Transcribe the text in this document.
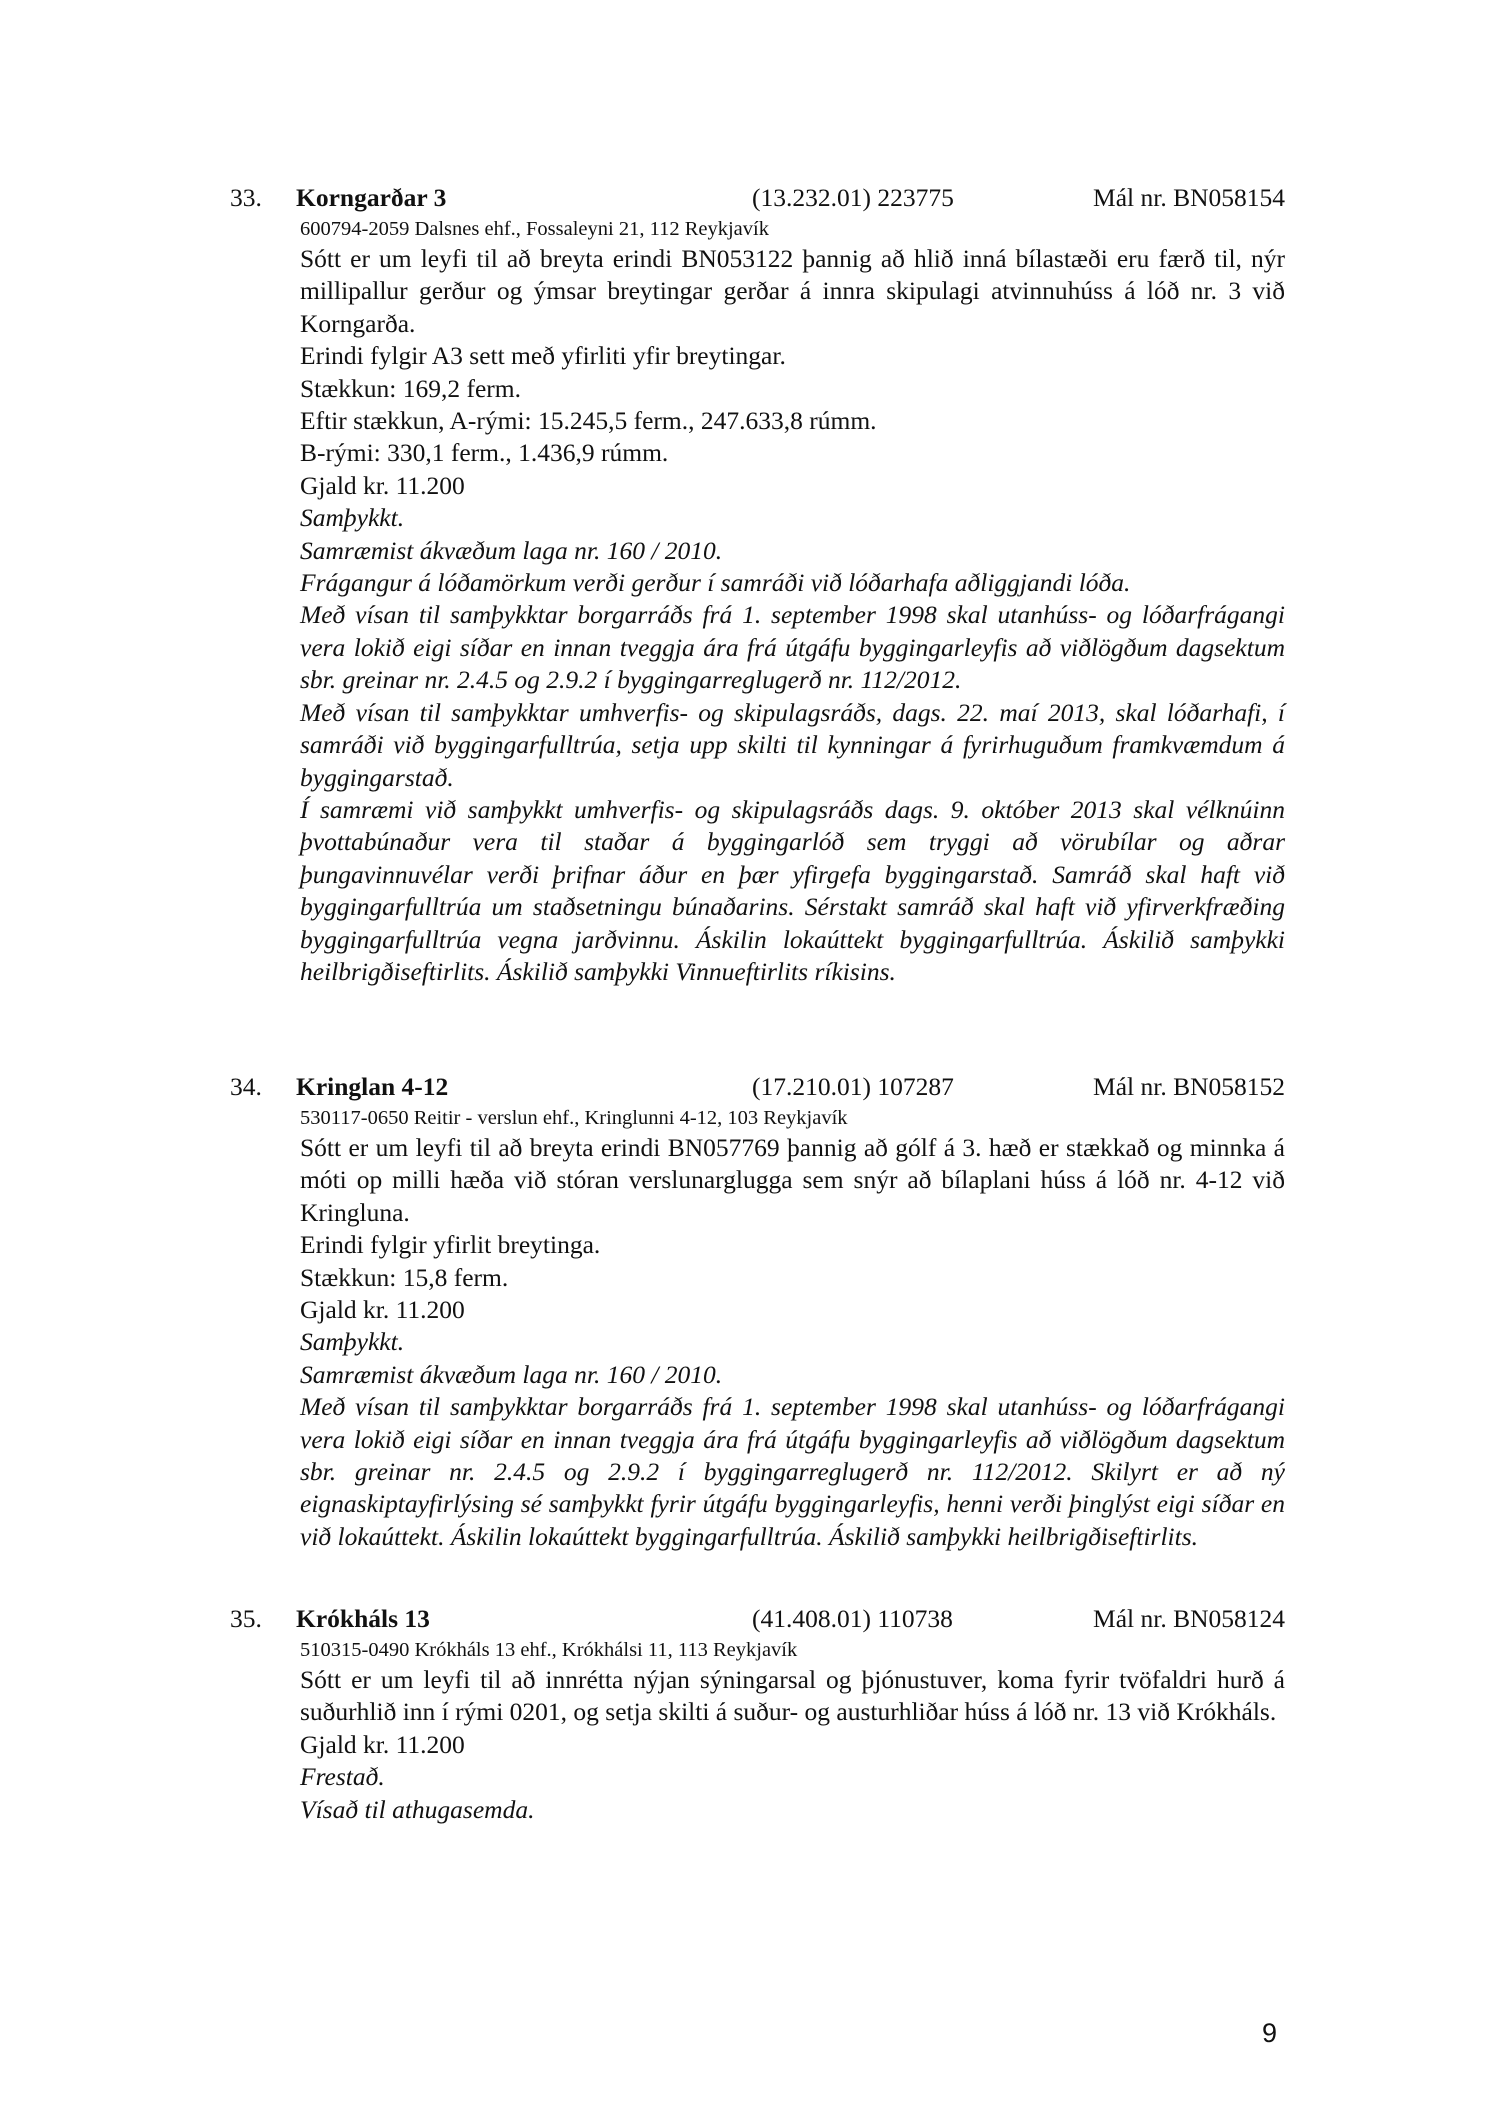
33. Korngarðar 3	(13.232.01) 223775	Mál nr. BN058154
600794-2059 Dalsnes ehf., Fossaleyni 21, 112 Reykjavík
Sótt er um leyfi til að breyta erindi BN053122 þannig að hlið inná bílastæði eru færð til, nýr millipallur gerður og ýmsar breytingar gerðar á innra skipulagi atvinnuhúss á lóð nr. 3 við Korngarða.
Erindi fylgir A3 sett með yfirliti yfir breytingar.
Stækkun: 169,2 ferm.
Eftir stækkun, A-rými: 15.245,5 ferm., 247.633,8 rúmm.
B-rými: 330,1 ferm., 1.436,9 rúmm.
Gjald kr. 11.200
Samþykkt.
Samræmist ákvæðum laga nr. 160 / 2010.
Frágangur á lóðamörkum verði gerður í samráði við lóðarhafa aðliggjandi lóða.
Með vísan til samþykktar borgarráðs frá 1. september 1998 skal utanhúss- og lóðarfrágangi vera lokið eigi síðar en innan tveggja ára frá útgáfu byggingarleyfis að viðlögðum dagsektum sbr. greinar nr. 2.4.5 og 2.9.2 í byggingarreglugerð nr. 112/2012.
Með vísan til samþykktar umhverfis- og skipulagsráðs, dags. 22. maí 2013, skal lóðarhafi, í samráði við byggingarfulltrúa, setja upp skilti til kynningar á fyrirhuguðum framkvæmdum á byggingarstað.
Í samræmi við samþykkt umhverfis- og skipulagsráðs dags. 9. október 2013 skal vélknúinn þvottabúnaður vera til staðar á byggingarlóð sem tryggi að vörubílar og aðrar þungavinnuvélar verði þrifnar áður en þær yfirgefa byggingarstað. Samráð skal haft við byggingarfulltrúa um staðsetningu búnaðarins. Sérstakt samráð skal haft við yfirverkfræðing byggingarfulltrúa vegna jarðvinnu. Áskilin lokaúttekt byggingarfulltrúa. Áskilið samþykki heilbrigðiseftirlits. Áskilið samþykki Vinnueftirlits ríkisins.
34. Kringlan 4-12	(17.210.01) 107287	Mál nr. BN058152
530117-0650 Reitir - verslun ehf., Kringlunni 4-12, 103 Reykjavík
Sótt er um leyfi til að breyta erindi BN057769 þannig að gólf á 3. hæð er stækkað og minnka á móti op milli hæða við stóran verslunarglugga sem snýr að bílaplani húss á lóð nr. 4-12 við Kringluna.
Erindi fylgir yfirlit breytinga.
Stækkun: 15,8 ferm.
Gjald kr. 11.200
Samþykkt.
Samræmist ákvæðum laga nr. 160 / 2010.
Með vísan til samþykktar borgarráðs frá 1. september 1998 skal utanhúss- og lóðarfrágangi vera lokið eigi síðar en innan tveggja ára frá útgáfu byggingarleyfis að viðlögðum dagsektum sbr. greinar nr. 2.4.5 og 2.9.2 í byggingarreglugerð nr. 112/2012. Skilyrt er að ný eignaskiptayfirlýsing sé samþykkt fyrir útgáfu byggingarleyfis, henni verði þinglýst eigi síðar en við lokaúttekt. Áskilin lokaúttekt byggingarfulltrúa. Áskilið samþykki heilbrigðiseftirlits.
35. Krókháls 13	(41.408.01) 110738	Mál nr. BN058124
510315-0490 Krókháls 13 ehf., Krókhálsi 11, 113 Reykjavík
Sótt er um leyfi til að innrétta nýjan sýningarsal og þjónustuver, koma fyrir tvöfaldri hurð á suðurhlið inn í rými 0201, og setja skilti á suður- og austurhliðar húss á lóð nr. 13 við Krókháls.
Gjald kr. 11.200
Frestað.
Vísað til athugasemda.
9
